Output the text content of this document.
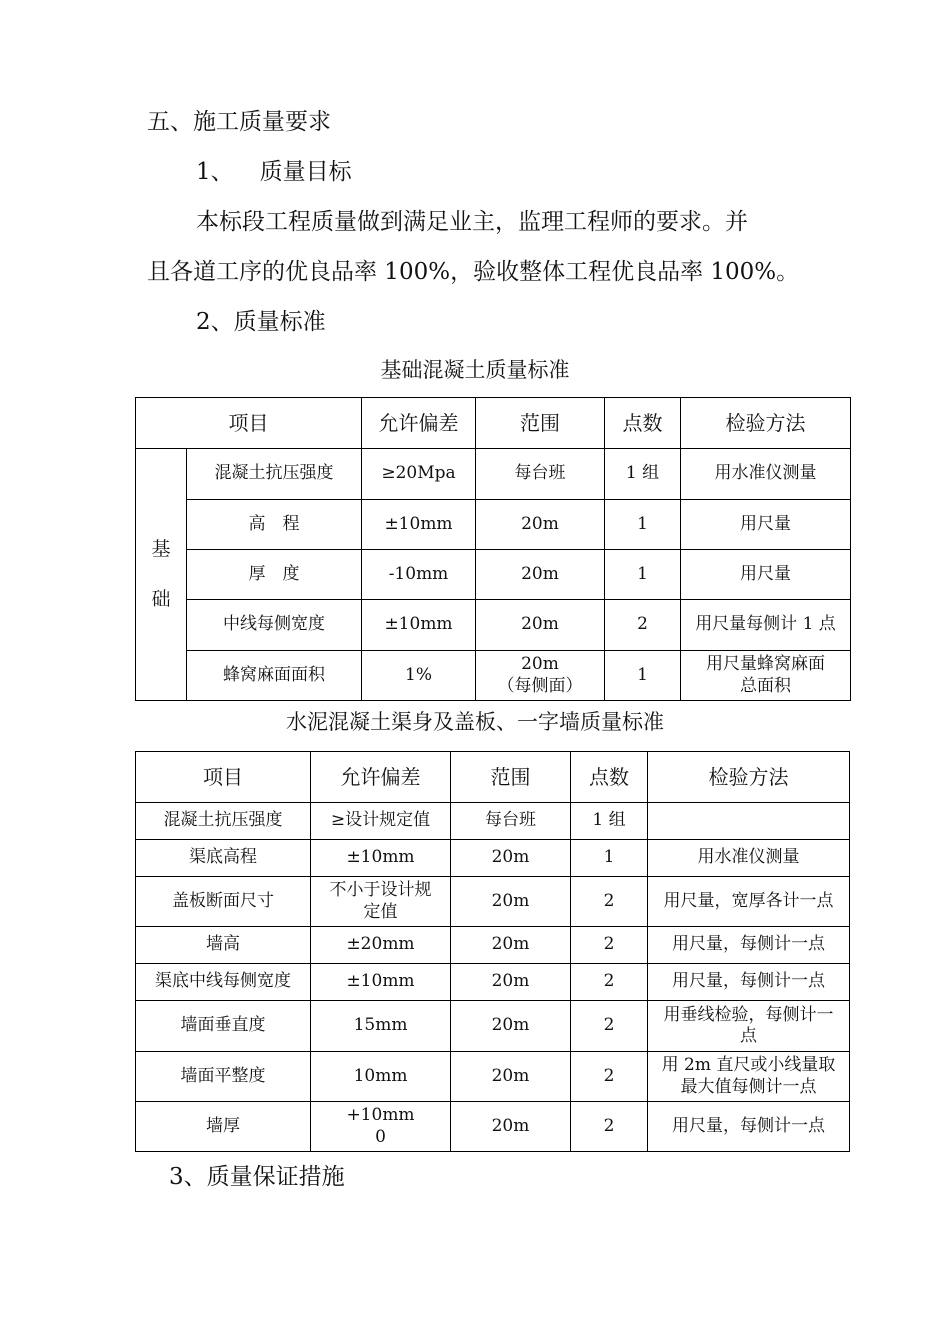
五、施工质量要求
1、 质量目标
本标段工程质量做到满足业主，监理工程师的要求。并
且各道工序的优良品率 100%，验收整体工程优良品率 100%。
2、质量标准
基础混凝土质量标准
项目		允许偏差	范围	点数	检验方法
基
础	混凝土抗压强度	≥20Mpa	每台班	1 组	用水准仪测量
	高　程	±10mm	20m	1	用尺量
	厚　度	-10mm	20m	1	用尺量
	中线每侧宽度	±10mm	20m	2	用尺量每侧计 1 点
	蜂窝麻面面积	1%	20m
（每侧面）	1	用尺量蜂窝麻面
总面积
水泥混凝土渠身及盖板、一字墙质量标准
项目	允许偏差	范围	点数	检验方法
混凝土抗压强度	≥设计规定值	每台班	1 组	
渠底高程	±10mm	20m	1	用水准仪测量
盖板断面尺寸	不小于设计规
定值	20m	2	用尺量，宽厚各计一点
墙高	±20mm	20m	2	用尺量，每侧计一点
渠底中线每侧宽度	±10mm	20m	2	用尺量，每侧计一点
墙面垂直度	15mm	20m	2	用垂线检验，每侧计一
点
墙面平整度	10mm	20m	2	用 2m 直尺或小线量取
最大值每侧计一点
墙厚	+10mm
0	20m	2	用尺量，每侧计一点
3、质量保证措施
